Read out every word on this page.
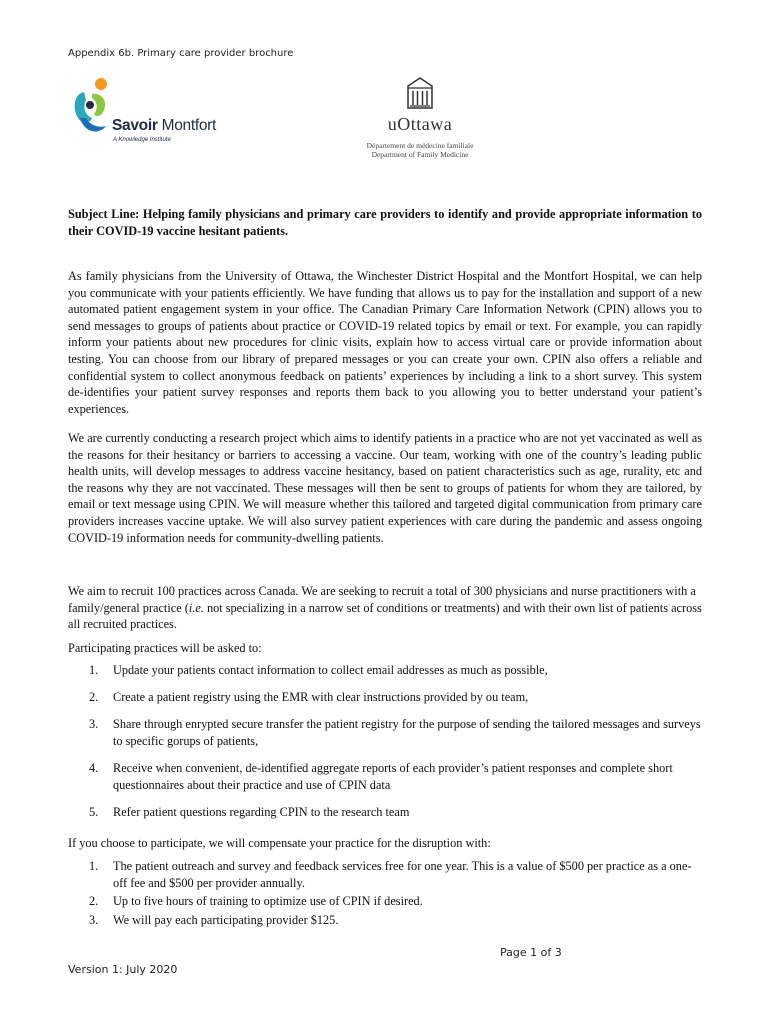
Appendix 6b. Primary care provider brochure
Savoir Montfort
A Knowledge Institute
uOttawa
Département de médecine familiale
Department of Family Medicine
Subject Line: Helping family physicians and primary care providers to identify and provide appropriate information to their COVID-19 vaccine hesitant patients.
As family physicians from the University of Ottawa, the Winchester District Hospital and the Montfort Hospital, we can help you communicate with your patients efficiently. We have funding that allows us to pay for the installation and support of a new automated patient engagement system in your office. The Canadian Primary Care Information Network (CPIN) allows you to send messages to groups of patients about practice or COVID-19 related topics by email or text. For example, you can rapidly inform your patients about new procedures for clinic visits, explain how to access virtual care or provide information about testing. You can choose from our library of prepared messages or you can create your own. CPIN also offers a reliable and confidential system to collect anonymous feedback on patients’ experiences by including a link to a short survey. This system de-identifies your patient survey responses and reports them back to you allowing you to better understand your patient’s experiences.
We are currently conducting a research project which aims to identify patients in a practice who are not yet vaccinated as well as the reasons for their hesitancy or barriers to accessing a vaccine. Our team, working with one of the country’s leading public health units, will develop messages to address vaccine hesitancy, based on patient characteristics such as age, rurality, etc and the reasons why they are not vaccinated. These messages will then be sent to groups of patients for whom they are tailored, by email or text message using CPIN. We will measure whether this tailored and targeted digital communication from primary care providers increases vaccine uptake. We will also survey patient experiences with care during the pandemic and assess ongoing COVID-19 information needs for community-dwelling patients.
We aim to recruit 100 practices across Canada. We are seeking to recruit a total of 300 physicians and nurse practitioners with a family/general practice (i.e. not specializing in a narrow set of conditions or treatments) and with their own list of patients across all recruited practices.
Participating practices will be asked to:
1. Update your patients contact information to collect email addresses as much as possible,
2. Create a patient registry using the EMR with clear instructions provided by ou team,
3. Share through enrypted secure transfer the patient registry for the purpose of sending the tailored messages and surveys to specific gorups of patients,
4. Receive when convenient, de-identified aggregate reports of each provider’s patient responses and complete short questionnaires about their practice and use of CPIN data
5. Refer patient questions regarding CPIN to the research team
If you choose to participate, we will compensate your practice for the disruption with:
1. The patient outreach and survey and feedback services free for one year. This is a value of $500 per practice as a one-off fee and $500 per provider annually.
2. Up to five hours of training to optimize use of CPIN if desired.
3. We will pay each participating provider $125.
Page 1 of 3
Version 1: July 2020
